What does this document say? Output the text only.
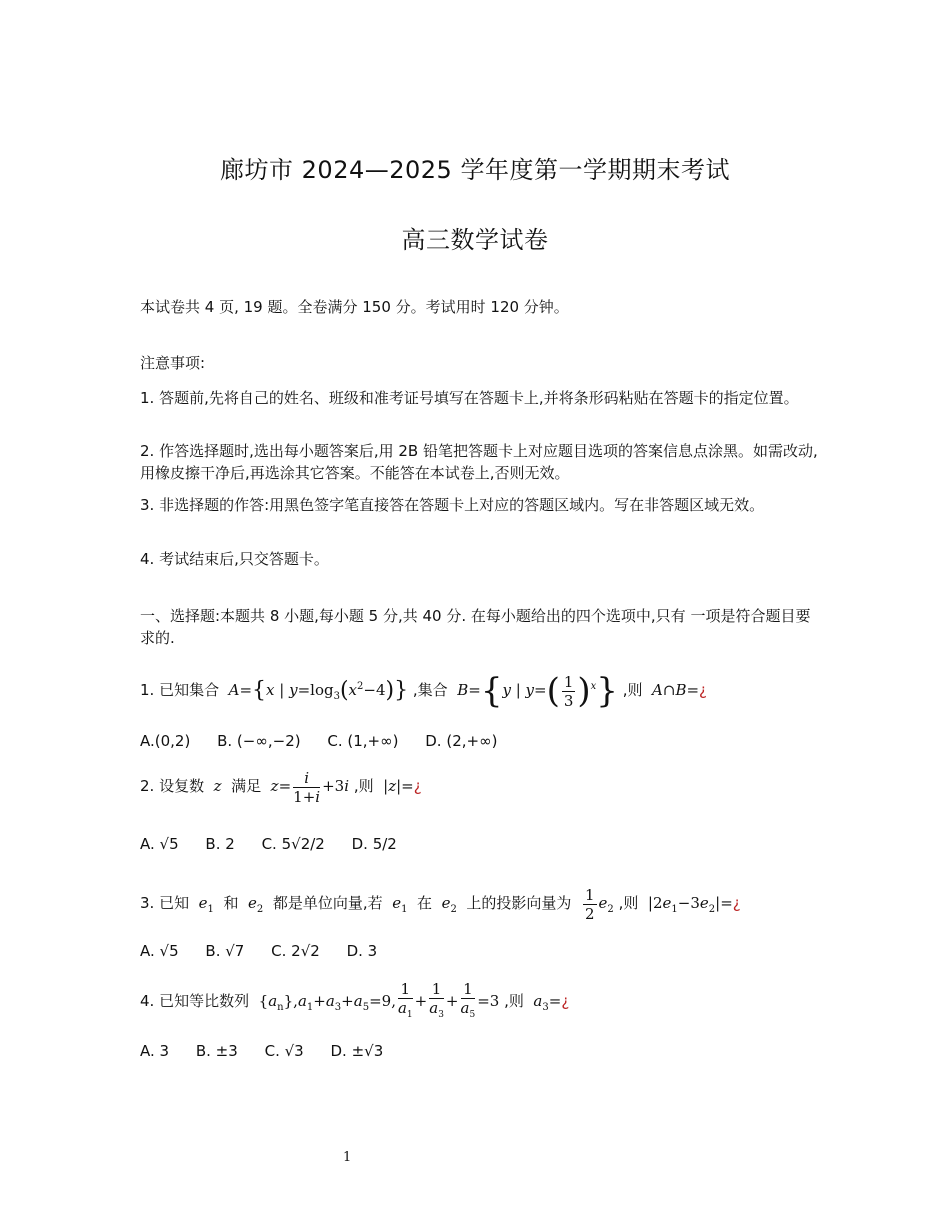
廊坊市 2024—2025 学年度第一学期期末考试
高三数学试卷
本试卷共 4 页, 19 题。全卷满分 150 分。考试用时 120 分钟。
注意事项:
1. 答题前,先将自己的姓名、班级和准考证号填写在答题卡上,并将条形码粘贴在答题卡的指定位置。
2. 作答选择题时,选出每小题答案后,用 2B 铅笔把答题卡上对应题目选项的答案信息点涂黑。如需改动,用橡皮擦干净后,再选涂其它答案。不能答在本试卷上,否则无效。
3. 非选择题的作答:用黑色签字笔直接答在答题卡上对应的答题区域内。写在非答题区域无效。
4. 考试结束后,只交答题卡。
一、选择题:本题共 8 小题,每小题 5 分,共 40 分. 在每小题给出的四个选项中,只有 一项是符合题目要求的.
1. 已知集合  A={x | $y=\log_3(x^2-4)$} ,集合  B={y | $y=( \frac{1}{3} )^x$} ,则  A∩B=¿
A.(0,2) B. (−∞,−2) C. (1,+∞) D. (2,+∞)
2. 设复数  z  满足  $z= \frac{i}{1+i} +3i$ ,则  |z|=¿
A. √5 B. 2 C. 5√2/2 D. 5/2
3. 已知  $e_1$ 和  $e_2$ 都是单位向量,若  $e_1$ 在  $e_2$ 上的投影向量为 $\frac{1}{2} e_2$ ,则  $|2e_1-3e_2|=¿$
A. √5 B. √7 C. 2√2 D. 3
4. 已知等比数列 $\{a_n\},a_1+a_3+a_5=9$, $\frac{1}{a_1} + \frac{1}{a_3} + \frac{1}{a_5} =3$ ,则  $a_3=¿$
A. 3 B. ±3 C. √3 D. ±√3
1
